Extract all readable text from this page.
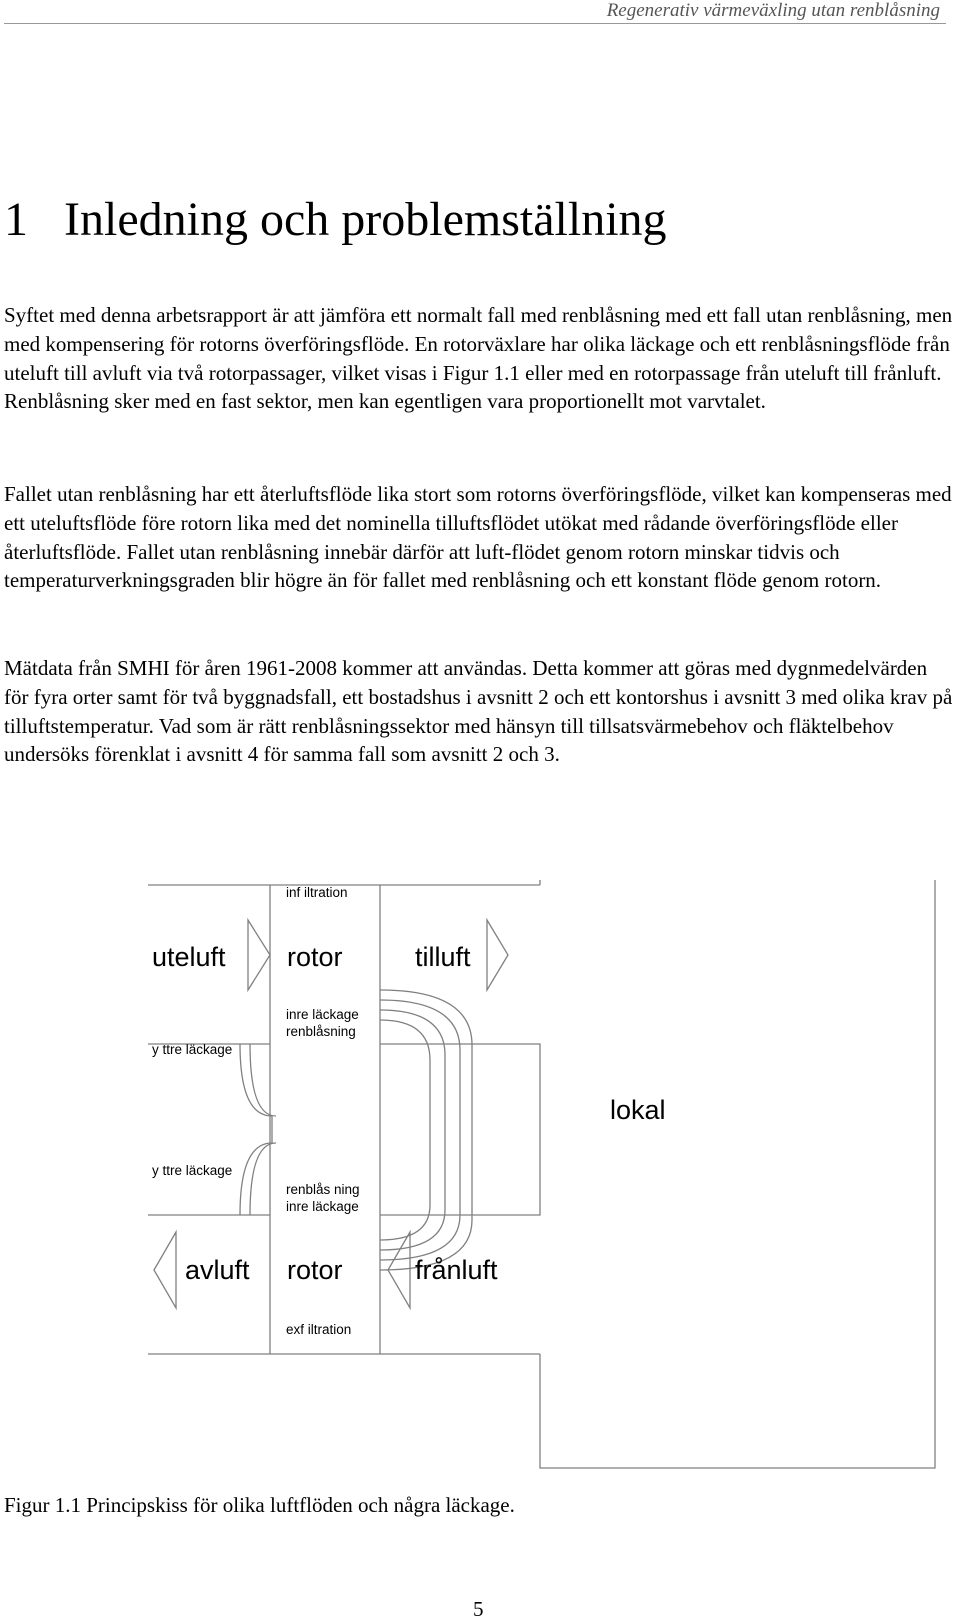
Regenerativ värmeväxling utan renblåsning
1 Inledning och problemställning

Syftet med denna arbetsrapport är att jämföra ett normalt fall med renblåsning med ett fall utan renblåsning, men med kompensering för rotorns överföringsflöde. En rotorväxlare har olika läckage och ett renblåsningsflöde från uteluft till avluft via två rotorpassager, vilket visas i Figur 1.1 eller med en rotorpassage från uteluft till frånluft. Renblåsning sker med en fast sektor, men kan egentligen vara proportionellt mot varvtalet.

Fallet utan renblåsning har ett återluftsflöde lika stort som rotorns överföringsflöde, vilket kan kompenseras med ett uteluftsflöde före rotorn lika med det nominella tilluftsflödet utökat med rådande överföringsflöde eller återluftsflöde. Fallet utan renblåsning innebär därför att luft-flödet genom rotorn minskar tidvis och temperaturverkningsgraden blir högre än för fallet med renblåsning och ett konstant flöde genom rotorn.

Mätdata från SMHI för åren 1961-2008 kommer att användas. Detta kommer att göras med dygnmedelvärden för fyra orter samt för två byggnadsfall, ett bostadshus i avsnitt 2 och ett kontorshus i avsnitt 3 med olika krav på tilluftstemperatur. Vad som är rätt renblåsningssektor med hänsyn till tillsatsvärmebehov och fläktelbehov undersöks förenklat i avsnitt 4 för samma fall som avsnitt 2 och 3.

inf iltration
uteluft rotor	tilluft
inre läckage
renblåsning
y ttre läckage
lokal
y ttre läckage
renblås ning
inre läckage
avluft rotor	frånluft
exf iltration

Figur 1.1 Principskiss för olika luftflöden och några läckage.

5
